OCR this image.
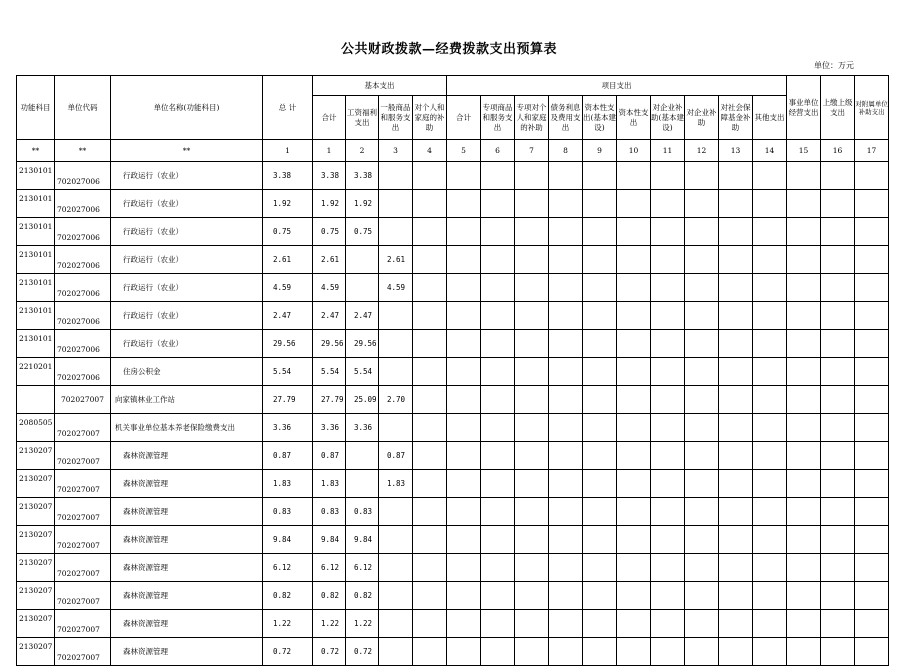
公共财政拨款—经费拨款支出预算表
单位：万元
功能科目	单位代码	单位名称(功能科目)	总 计	基本支出				项目支出										事业单位经营支出	上缴上级支出	对附属单位补助支出
				合计	工资福利支出	一般商品和服务支出	对个人和家庭的补助	合计	专项商品和服务支出	专项对个人和家庭的补助	债务利息及费用支出	资本性支出(基本建设)	资本性支出	对企业补助(基本建设)	对企业补助	对社会保障基金补助	其他支出			
**	**	**	1	1	2	3	4	5	6	7	8	9	10	11	12	13	14	15	16	17
2130101	702027006	行政运行（农业）	3.38	3.38	3.38															
2130101	702027006	行政运行（农业）	1.92	1.92	1.92															
2130101	702027006	行政运行（农业）	0.75	0.75	0.75															
2130101	702027006	行政运行（农业）	2.61	2.61		2.61														
2130101	702027006	行政运行（农业）	4.59	4.59		4.59														
2130101	702027006	行政运行（农业）	2.47	2.47	2.47															
2130101	702027006	行政运行（农业）	29.56	29.56	29.56															
2210201	702027006	住房公积金	5.54	5.54	5.54															
	702027007	向家镇林业工作站	27.79	27.79	25.09	2.70														
2080505	702027007	机关事业单位基本养老保险缴费支出	3.36	3.36	3.36															
2130207	702027007	森林资源管理	0.87	0.87		0.87														
2130207	702027007	森林资源管理	1.83	1.83		1.83														
2130207	702027007	森林资源管理	0.83	0.83	0.83															
2130207	702027007	森林资源管理	9.84	9.84	9.84															
2130207	702027007	森林资源管理	6.12	6.12	6.12															
2130207	702027007	森林资源管理	0.82	0.82	0.82															
2130207	702027007	森林资源管理	1.22	1.22	1.22															
2130207	702027007	森林资源管理	0.72	0.72	0.72															
